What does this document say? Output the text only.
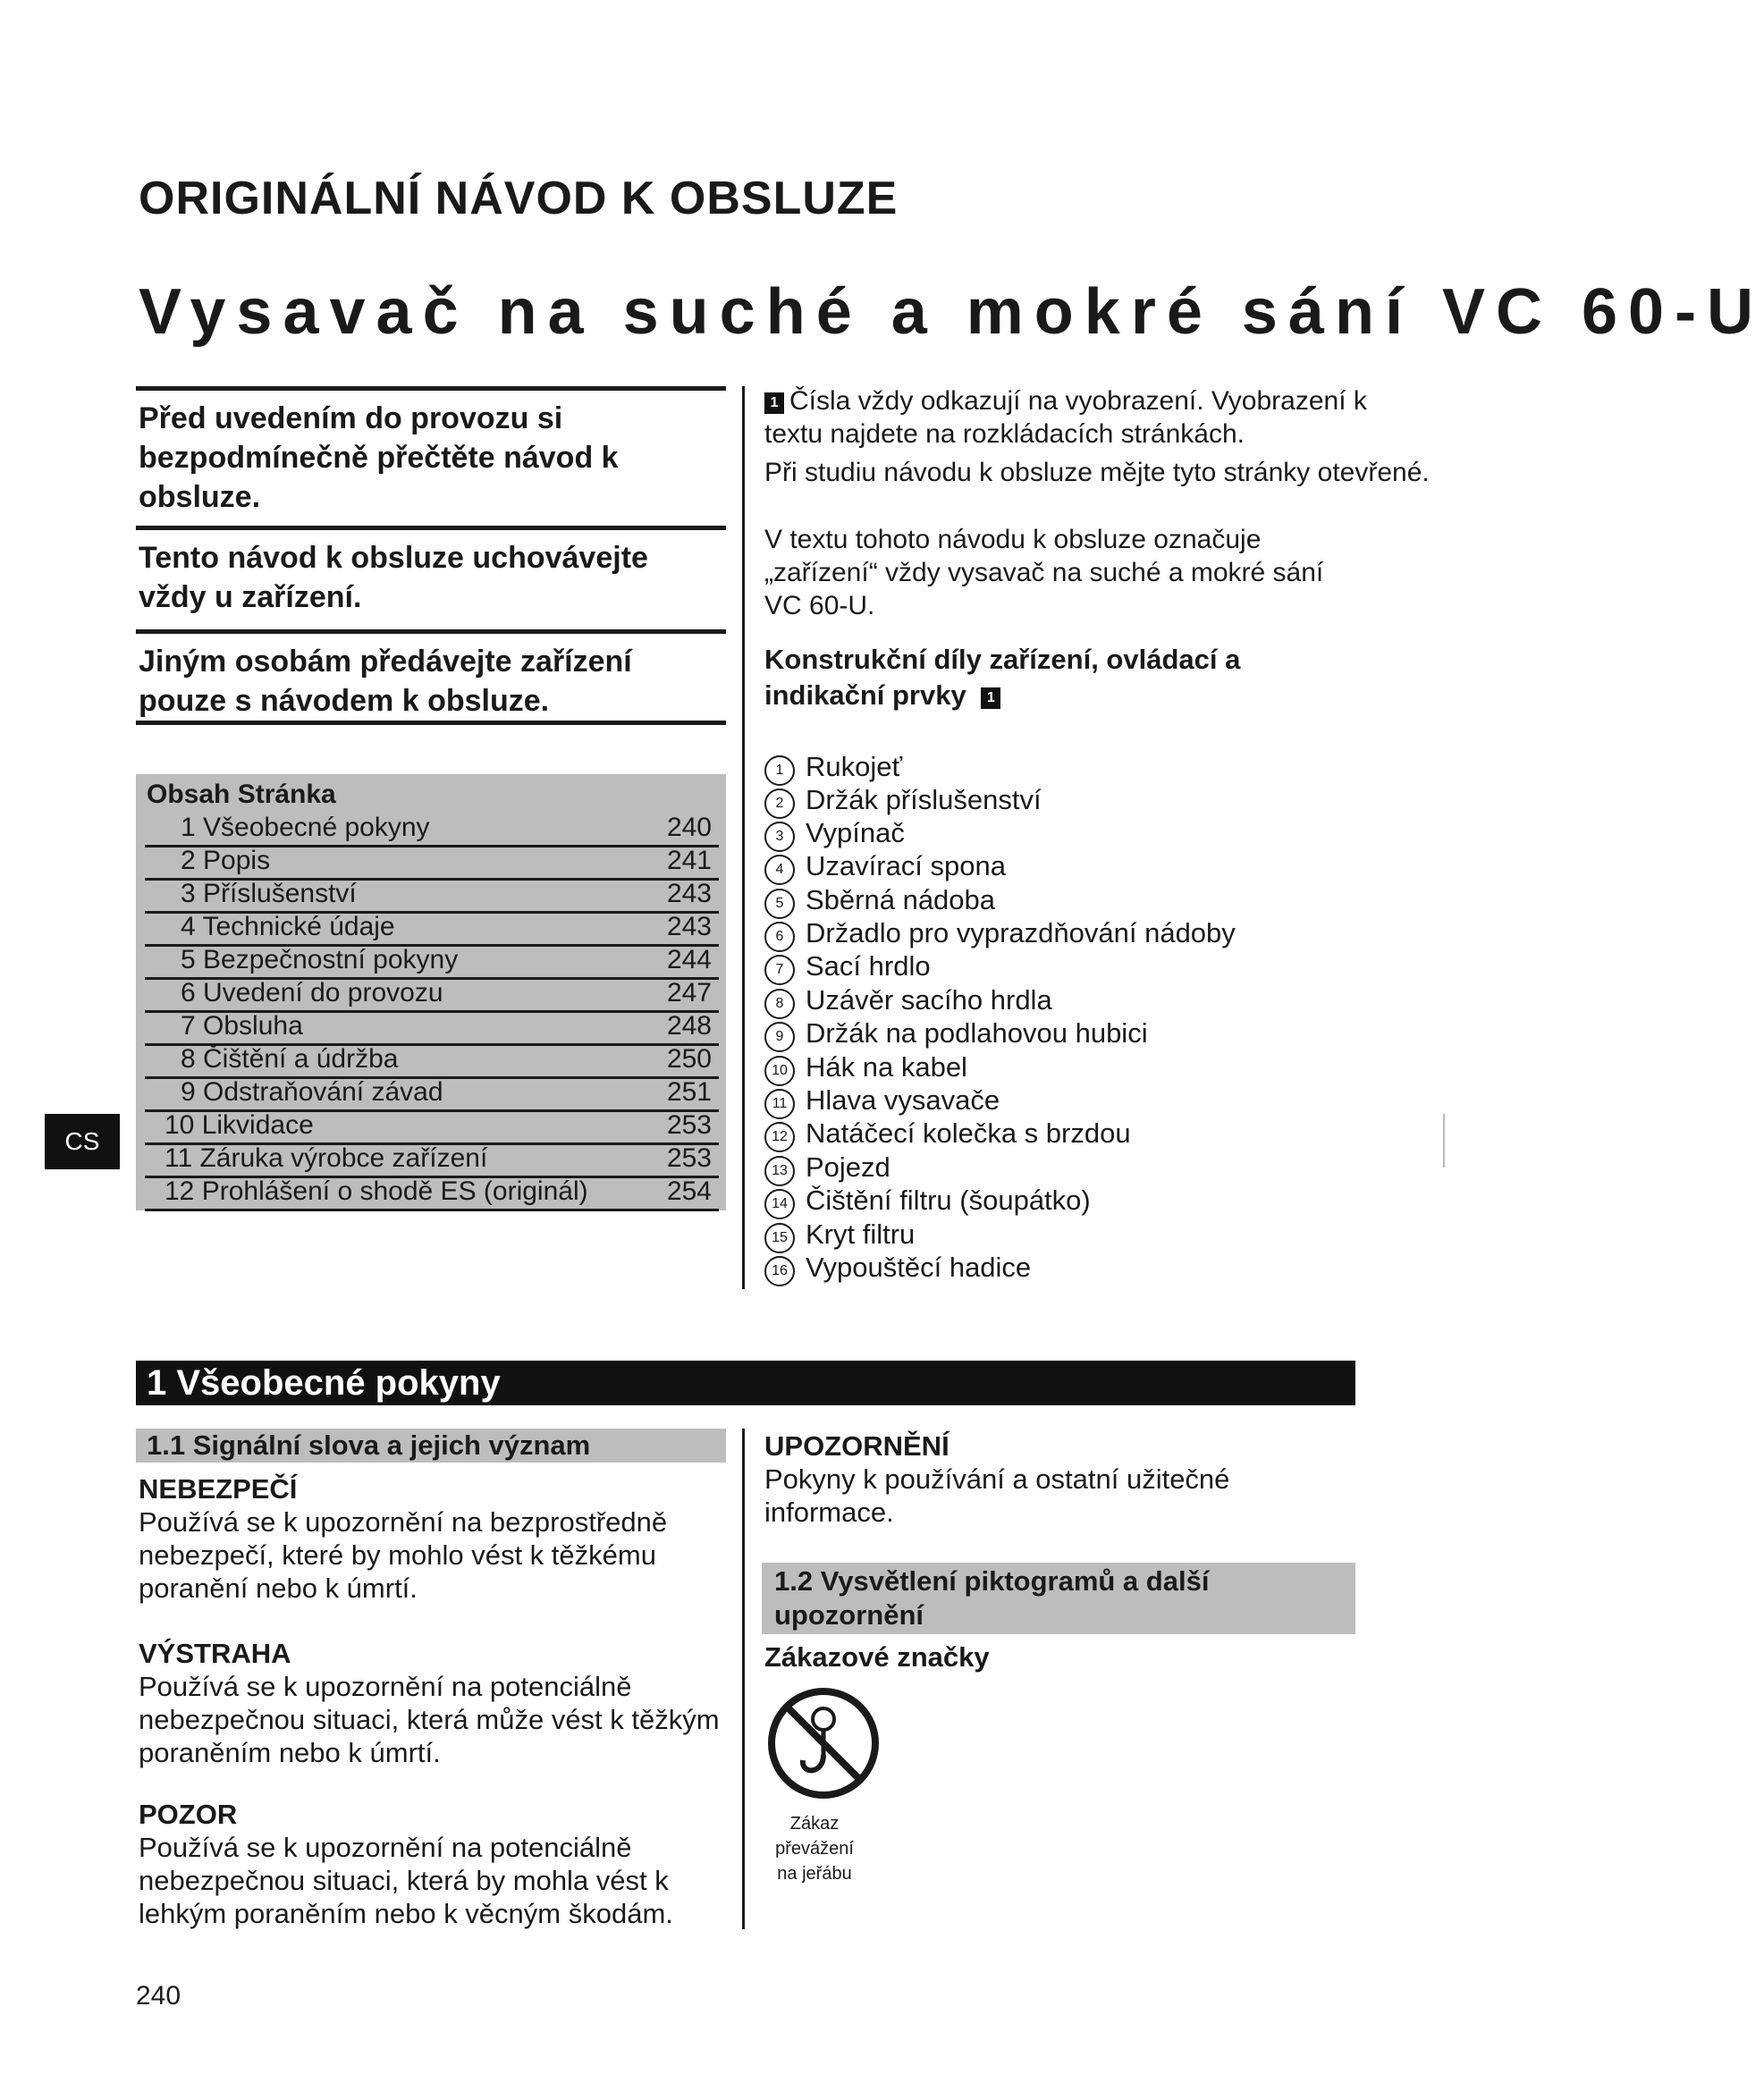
ORIGINÁLNÍ NÁVOD K OBSLUZE
Vysavač na suché a mokré sání VC 60-U
Před uvedením do provozu si bezpodmínečně přečtěte návod k obsluze.
Tento návod k obsluze uchovávejte vždy u zařízení.
Jiným osobám předávejte zařízení pouze s návodem k obsluze.
Obsah Stránka
1 Všeobecné pokyny	240
2 Popis	241
3 Příslušenství	243
4 Technické údaje	243
5 Bezpečnostní pokyny	244
6 Uvedení do provozu	247
7 Obsluha	248
8 Čištění a údržba	250
9 Odstraňování závad	251
10 Likvidace	253
11 Záruka výrobce zařízení	253
12 Prohlášení o shodě ES (originál)	254
CS
1 Čísla vždy odkazují na vyobrazení. Vyobrazení k textu najdete na rozkládacích stránkách.
Při studiu návodu k obsluze mějte tyto stránky otevřené.
V textu tohoto návodu k obsluze označuje „zařízení“ vždy vysavač na suché a mokré sání VC 60-U.
Konstrukční díly zařízení, ovládací a indikační prvky 1
1 Rukojeť
2 Držák příslušenství
3 Vypínač
4 Uzavírací spona
5 Sběrná nádoba
6 Držadlo pro vyprazdňování nádoby
7 Sací hrdlo
8 Uzávěr sacího hrdla
9 Držák na podlahovou hubici
10 Hák na kabel
11 Hlava vysavače
12 Natáčecí kolečka s brzdou
13 Pojezd
14 Čištění filtru (šoupátko)
15 Kryt filtru
16 Vypouštěcí hadice
1 Všeobecné pokyny
1.1 Signální slova a jejich význam
NEBEZPEČÍ
Používá se k upozornění na bezprostředně nebezpečí, které by mohlo vést k těžkému poranění nebo k úmrtí.
VÝSTRAHA
Používá se k upozornění na potenciálně nebezpečnou situaci, která může vést k těžkým poraněním nebo k úmrtí.
POZOR
Používá se k upozornění na potenciálně nebezpečnou situaci, která by mohla vést k lehkým poraněním nebo k věcným škodám.
UPOZORNĚNÍ
Pokyny k používání a ostatní užitečné informace.
1.2 Vysvětlení piktogramů a další upozornění
Zákazové značky
Zákaz převážení na jeřábu
240
